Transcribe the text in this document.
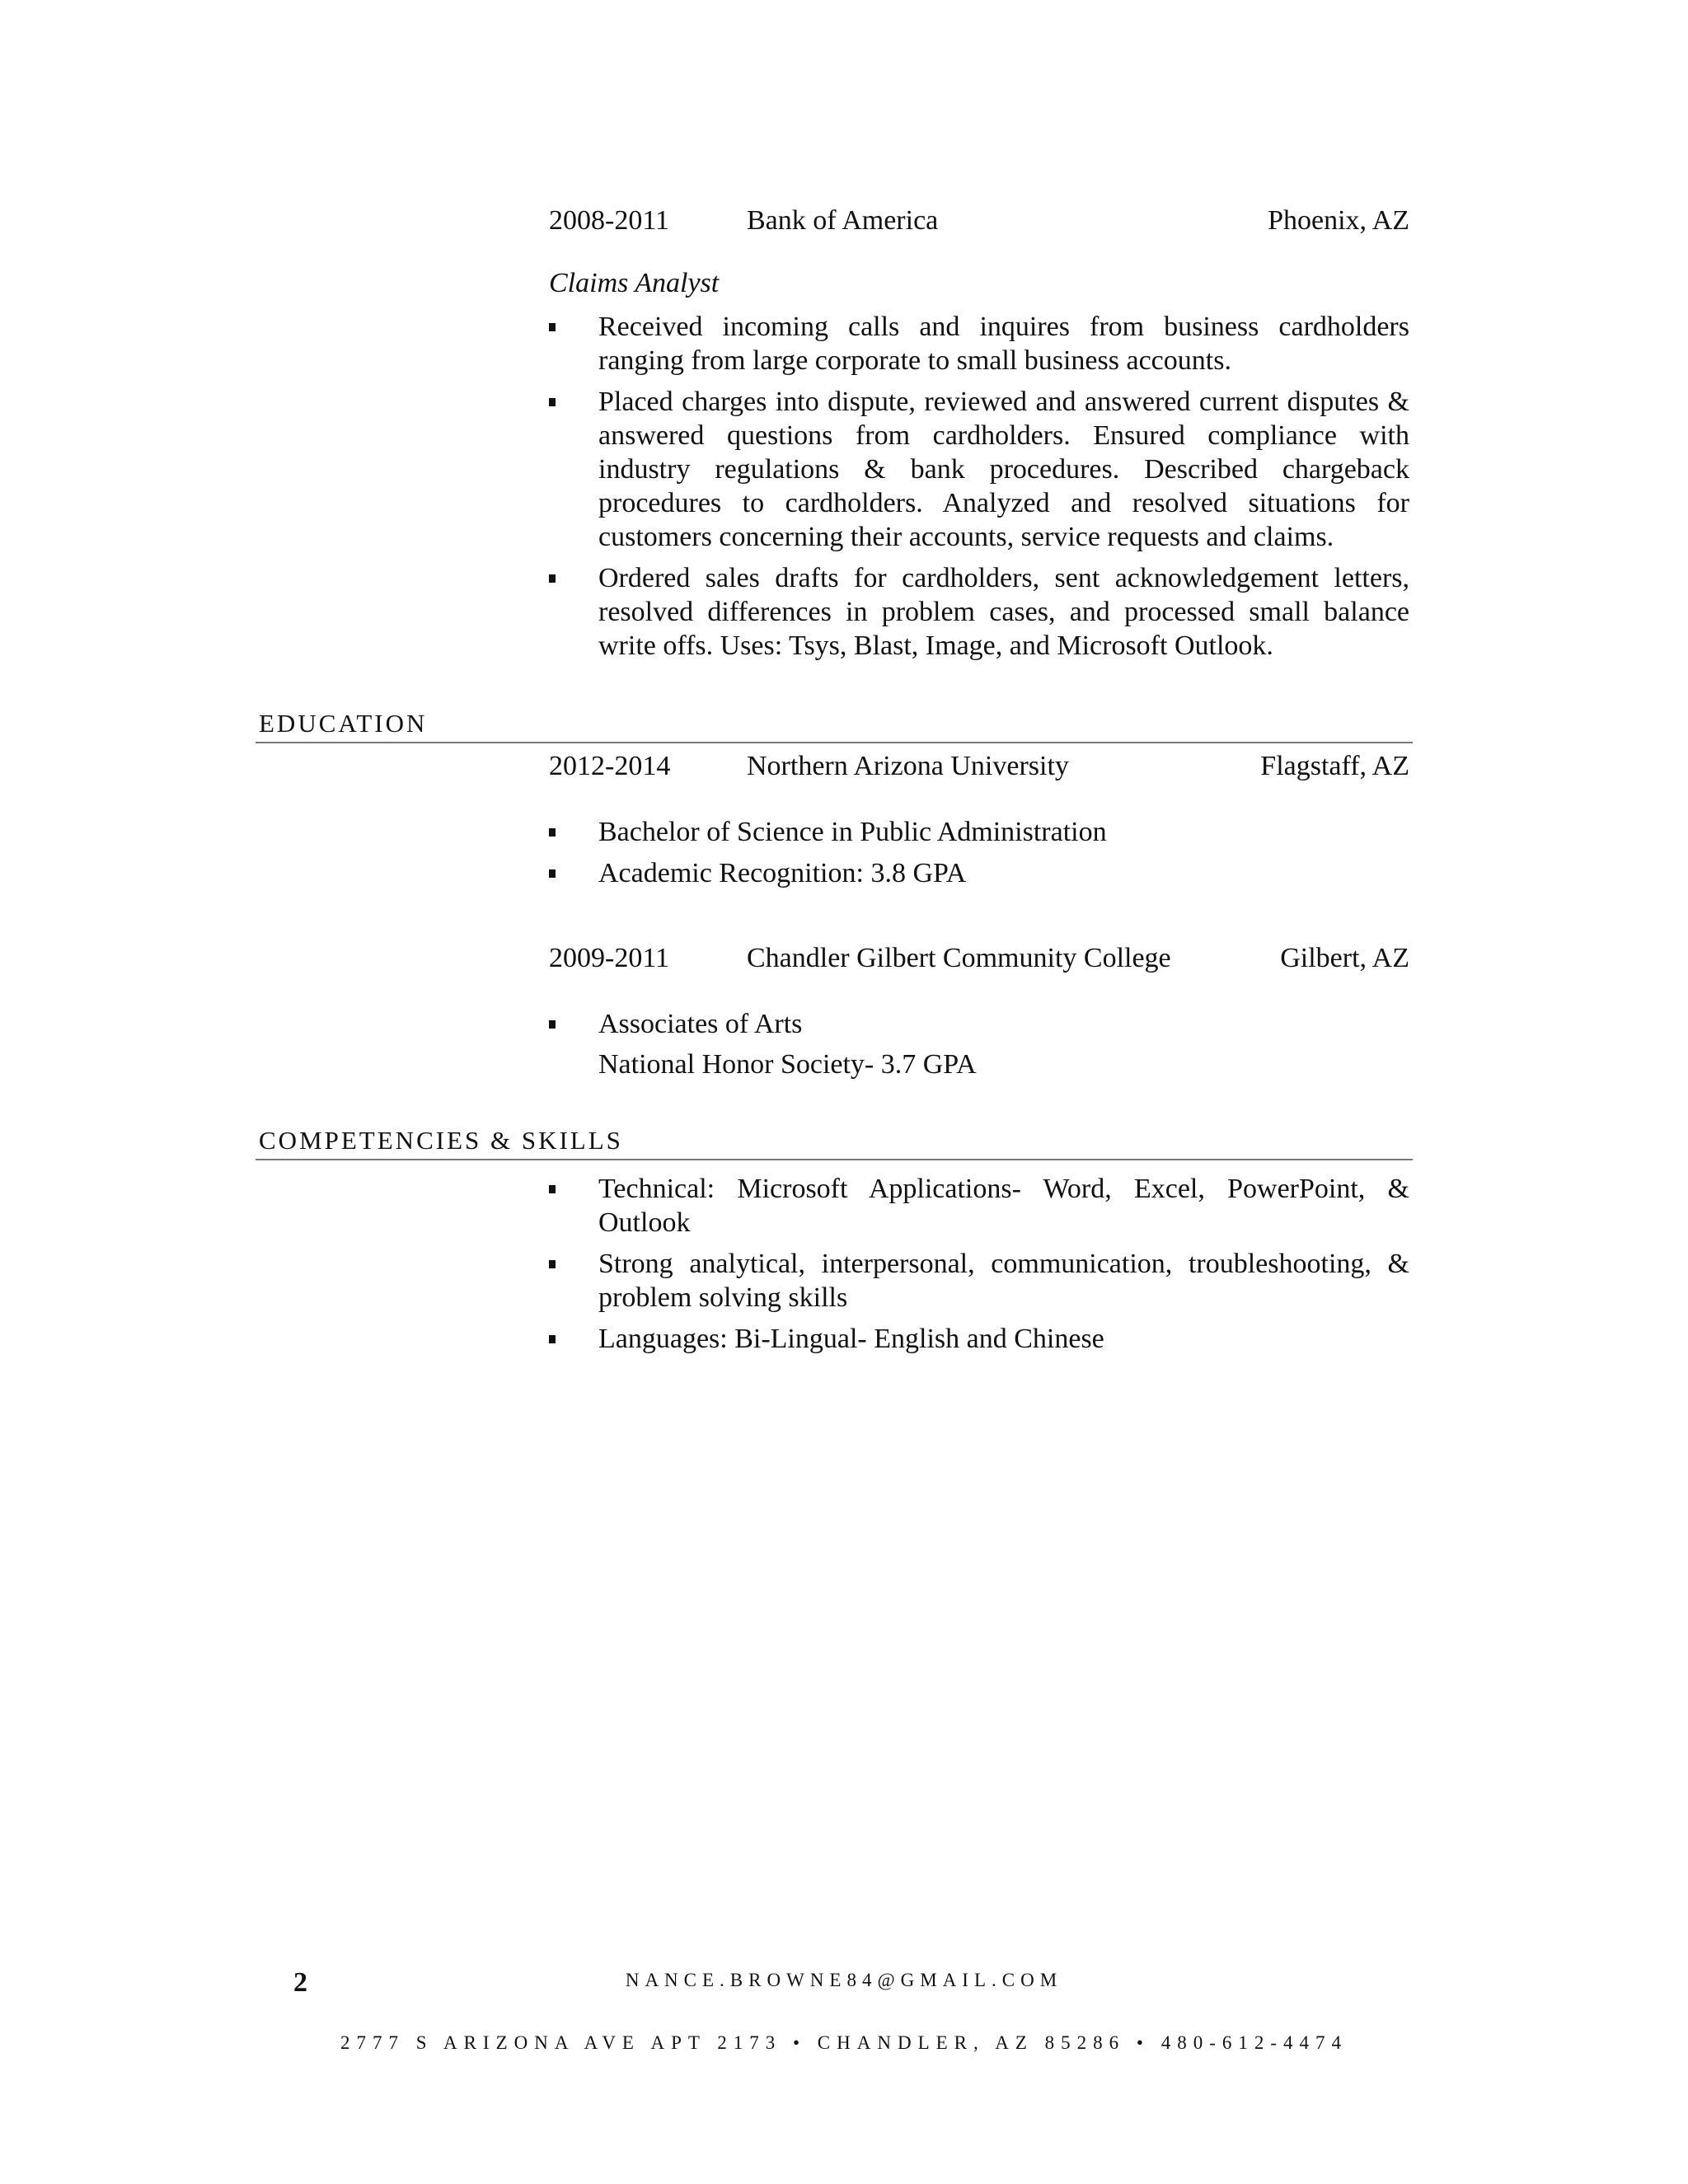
2008-2011	Bank of America	Phoenix, AZ
Claims Analyst
Received incoming calls and inquires from business cardholders ranging from large corporate to small business accounts.
Placed charges into dispute, reviewed and answered current disputes & answered questions from cardholders. Ensured compliance with industry regulations & bank procedures. Described chargeback procedures to cardholders. Analyzed and resolved situations for customers concerning their accounts, service requests and claims.
Ordered sales drafts for cardholders, sent acknowledgement letters, resolved differences in problem cases, and processed small balance write offs. Uses: Tsys, Blast, Image, and Microsoft Outlook.
EDUCATION
2012-2014	Northern Arizona University	Flagstaff, AZ
Bachelor of Science in Public Administration
Academic Recognition: 3.8 GPA
2009-2011	Chandler Gilbert Community College	Gilbert, AZ
Associates of Arts
National Honor Society- 3.7 GPA
COMPETENCIES & SKILLS
Technical: Microsoft Applications- Word, Excel, PowerPoint, & Outlook
Strong analytical, interpersonal, communication, troubleshooting, & problem solving skills
Languages: Bi-Lingual- English and Chinese
2	NANCE.BROWNE84@GMAIL.COM
2777 S ARIZONA AVE APT 2173 • CHANDLER, AZ 85286 • 480-612-4474
